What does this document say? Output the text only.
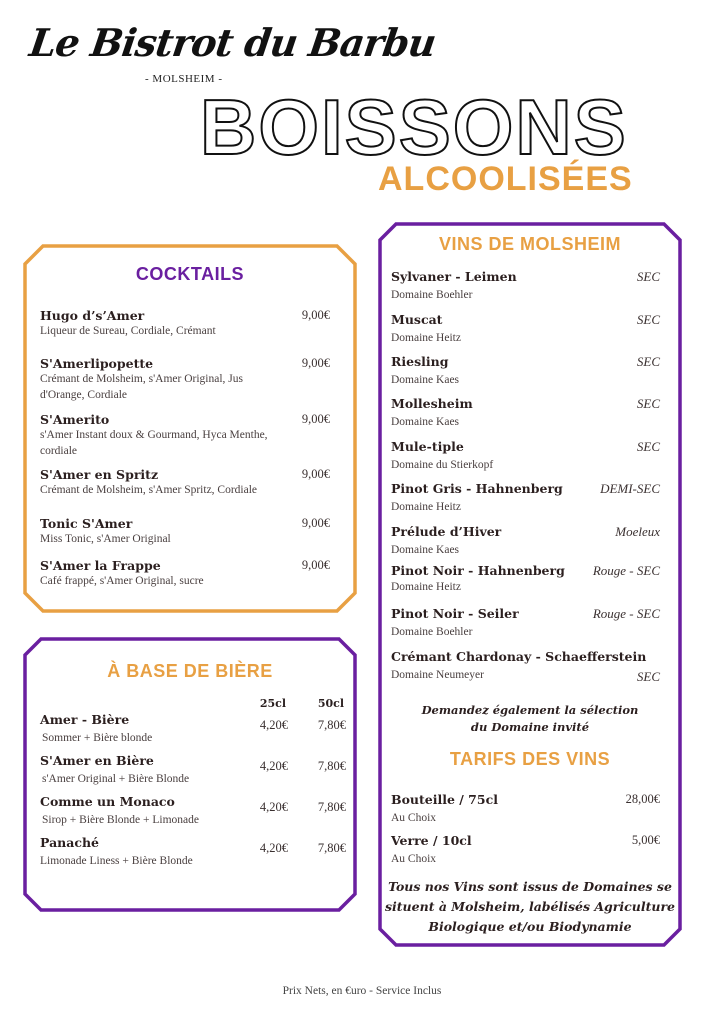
Le Bistrot du Barbu
- MOLSHEIM -
BOISSONS
ALCOOLISÉES
COCKTAILS
Hugo d’s’Amer
Liqueur de Sureau, Cordiale, Crémant
9,00€
S'Amerlipopette
Crémant de Molsheim, s'Amer Original, Jus d'Orange, Cordiale
9,00€
S'Amerito
s'Amer Instant doux & Gourmand, Hyca Menthe, cordiale
9,00€
S'Amer en Spritz
Crémant de Molsheim, s'Amer Spritz, Cordiale
9,00€
Tonic S'Amer
Miss Tonic, s'Amer Original
9,00€
S'Amer la Frappe
Café frappé, s'Amer Original, sucre
9,00€
À BASE DE BIÈRE
25cl	50cl
Amer - Bière
Sommer + Bière blonde
4,20€ 7,80€
S'Amer en Bière
s'Amer Original + Bière Blonde
4,20€ 7,80€
Comme un Monaco
Sirop + Bière Blonde + Limonade
4,20€ 7,80€
Panaché
Limonade Liness + Bière Blonde
4,20€ 7,80€
VINS DE MOLSHEIM
Sylvaner - Leimen
Domaine Boehler
SEC
Muscat
Domaine Heitz
SEC
Riesling
Domaine Kaes
SEC
Mollesheim
Domaine Kaes
SEC
Mule-tiple
Domaine du Stierkopf
SEC
Pinot Gris - Hahnenberg
Domaine Heitz
DEMI-SEC
Prélude d’Hiver
Domaine Kaes
Moeleux
Pinot Noir - Hahnenberg
Domaine Heitz
Rouge - SEC
Pinot Noir - Seiler
Domaine Boehler
Rouge - SEC
Crémant Chardonay - Schaefferstein
Domaine Neumeyer	SEC
Demandez également la sélection
du Domaine invité
TARIFS DES VINS
Bouteille / 75cl
Au Choix
28,00€
Verre / 10cl
Au Choix
5,00€
Tous nos Vins sont issus de Domaines se
situent à Molsheim, labélisés Agriculture
Biologique et/ou Biodynamie
Prix Nets, en €uro - Service Inclus
